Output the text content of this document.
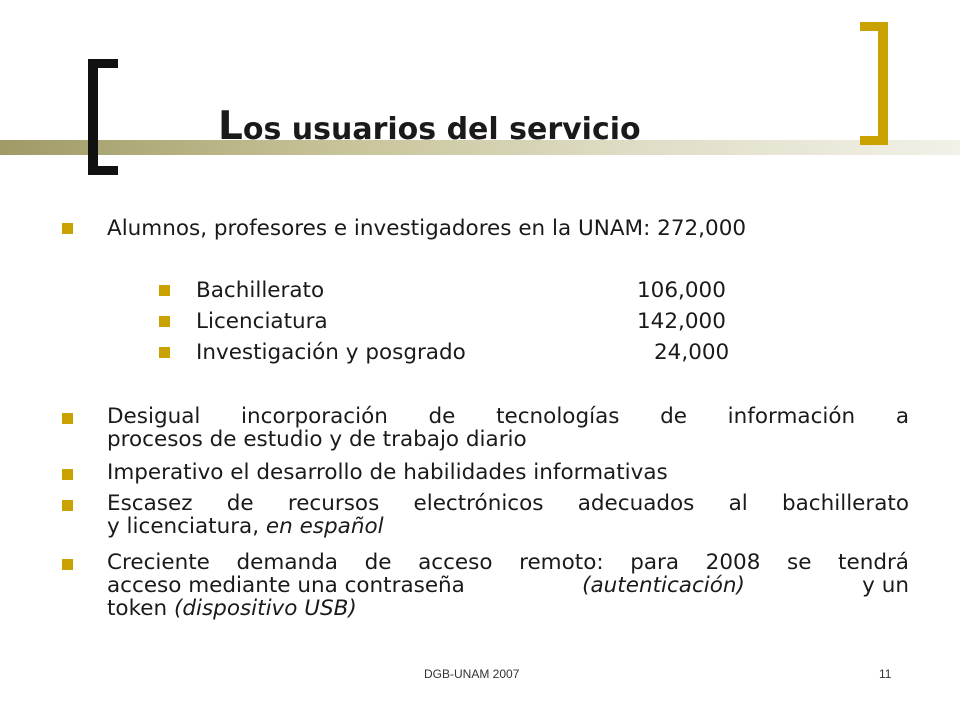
Los usuarios del servicio
Alumnos, profesores e investigadores en la UNAM: 272,000
Bachillerato	106,000
Licenciatura	142,000
Investigación y posgrado	24,000
Desigual incorporación de tecnologías de información a
procesos de estudio y de trabajo diario
Imperativo el desarrollo de habilidades informativas
Escasez de recursos electrónicos adecuados al bachillerato
y licenciatura, en español
Creciente demanda de acceso remoto: para 2008 se tendrá
acceso mediante una contraseña	(autenticación)	y un
token (dispositivo USB)
DGB-UNAM 2007	11
